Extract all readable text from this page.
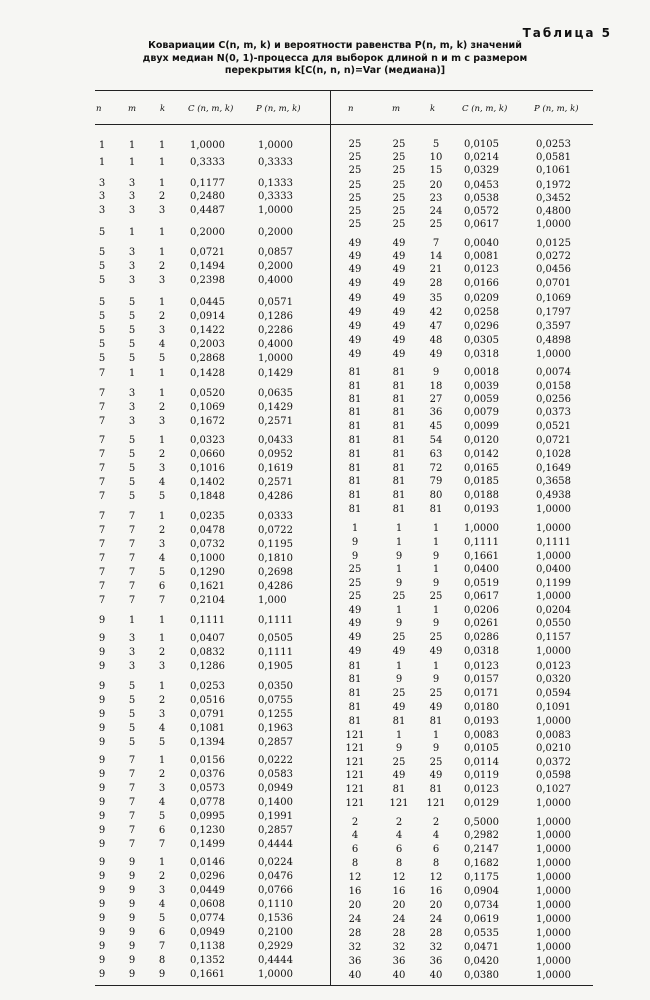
Таблица 5
Ковариации C(n, m, k) и вероятности равенства P(n, m, k) значений
двух медиан N(0, 1)-процесса для выборок длиной n и m с размером
перекрытия k[C(n, n, n)=Var (медиана)]
n	m	k	C (n, m, k)	P (n, m, k)
1	1	1	1,0000	1,0000
1	1	1	0,3333	0,3333
3	3	1	0,1177	0,1333
3	3	2	0,2480	0,3333
3	3	3	0,4487	1,0000
5	1	1	0,2000	0,2000
5	3	1	0,0721	0,0857
5	3	2	0,1494	0,2000
5	3	3	0,2398	0,4000
5	5	1	0,0445	0,0571
5	5	2	0,0914	0,1286
5	5	3	0,1422	0,2286
5	5	4	0,2003	0,4000
5	5	5	0,2868	1,0000
7	1	1	0,1428	0,1429
7	3	1	0,0520	0,0635
7	3	2	0,1069	0,1429
7	3	3	0,1672	0,2571
7	5	1	0,0323	0,0433
7	5	2	0,0660	0,0952
7	5	3	0,1016	0,1619
7	5	4	0,1402	0,2571
7	5	5	0,1848	0,4286
7	7	1	0,0235	0,0333
7	7	2	0,0478	0,0722
7	7	3	0,0732	0,1195
7	7	4	0,1000	0,1810
7	7	5	0,1290	0,2698
7	7	6	0,1621	0,4286
7	7	7	0,2104	1,000
9	1	1	0,1111	0,1111
9	3	1	0,0407	0,0505
9	3	2	0,0832	0,1111
9	3	3	0,1286	0,1905
9	5	1	0,0253	0,0350
9	5	2	0,0516	0,0755
9	5	3	0,0791	0,1255
9	5	4	0,1081	0,1963
9	5	5	0,1394	0,2857
9	7	1	0,0156	0,0222
9	7	2	0,0376	0,0583
9	7	3	0,0573	0,0949
9	7	4	0,0778	0,1400
9	7	5	0,0995	0,1991
9	7	6	0,1230	0,2857
9	7	7	0,1499	0,4444
9	9	1	0,0146	0,0224
9	9	2	0,0296	0,0476
9	9	3	0,0449	0,0766
9	9	4	0,0608	0,1110
9	9	5	0,0774	0,1536
9	9	6	0,0949	0,2100
9	9	7	0,1138	0,2929
9	9	8	0,1352	0,4444
9	9	9	0,1661	1,0000
n	m	k	C (n, m, k)	P (n, m, k)
25	25	5	0,0105	0,0253
25	25	10	0,0214	0,0581
25	25	15	0,0329	0,1061
25	25	20	0,0453	0,1972
25	25	23	0,0538	0,3452
25	25	24	0,0572	0,4800
25	25	25	0,0617	1,0000
49	49	7	0,0040	0,0125
49	49	14	0,0081	0,0272
49	49	21	0,0123	0,0456
49	49	28	0,0166	0,0701
49	49	35	0,0209	0,1069
49	49	42	0,0258	0,1797
49	49	47	0,0296	0,3597
49	49	48	0,0305	0,4898
49	49	49	0,0318	1,0000
81	81	9	0,0018	0,0074
81	81	18	0,0039	0,0158
81	81	27	0,0059	0,0256
81	81	36	0,0079	0,0373
81	81	45	0,0099	0,0521
81	81	54	0,0120	0,0721
81	81	63	0,0142	0,1028
81	81	72	0,0165	0,1649
81	81	79	0,0185	0,3658
81	81	80	0,0188	0,4938
81	81	81	0,0193	1,0000
1	1	1	1,0000	1,0000
9	1	1	0,1111	0,1111
9	9	9	0,1661	1,0000
25	1	1	0,0400	0,0400
25	9	9	0,0519	0,1199
25	25	25	0,0617	1,0000
49	1	1	0,0206	0,0204
49	9	9	0,0261	0,0550
49	25	25	0,0286	0,1157
49	49	49	0,0318	1,0000
81	1	1	0,0123	0,0123
81	9	9	0,0157	0,0320
81	25	25	0,0171	0,0594
81	49	49	0,0180	0,1091
81	81	81	0,0193	1,0000
121	1	1	0,0083	0,0083
121	9	9	0,0105	0,0210
121	25	25	0,0114	0,0372
121	49	49	0,0119	0,0598
121	81	81	0,0123	0,1027
121	121	121	0,0129	1,0000
2	2	2	0,5000	1,0000
4	4	4	0,2982	1,0000
6	6	6	0,2147	1,0000
8	8	8	0,1682	1,0000
12	12	12	0,1175	1,0000
16	16	16	0,0904	1,0000
20	20	20	0,0734	1,0000
24	24	24	0,0619	1,0000
28	28	28	0,0535	1,0000
32	32	32	0,0471	1,0000
36	36	36	0,0420	1,0000
40	40	40	0,0380	1,0000
